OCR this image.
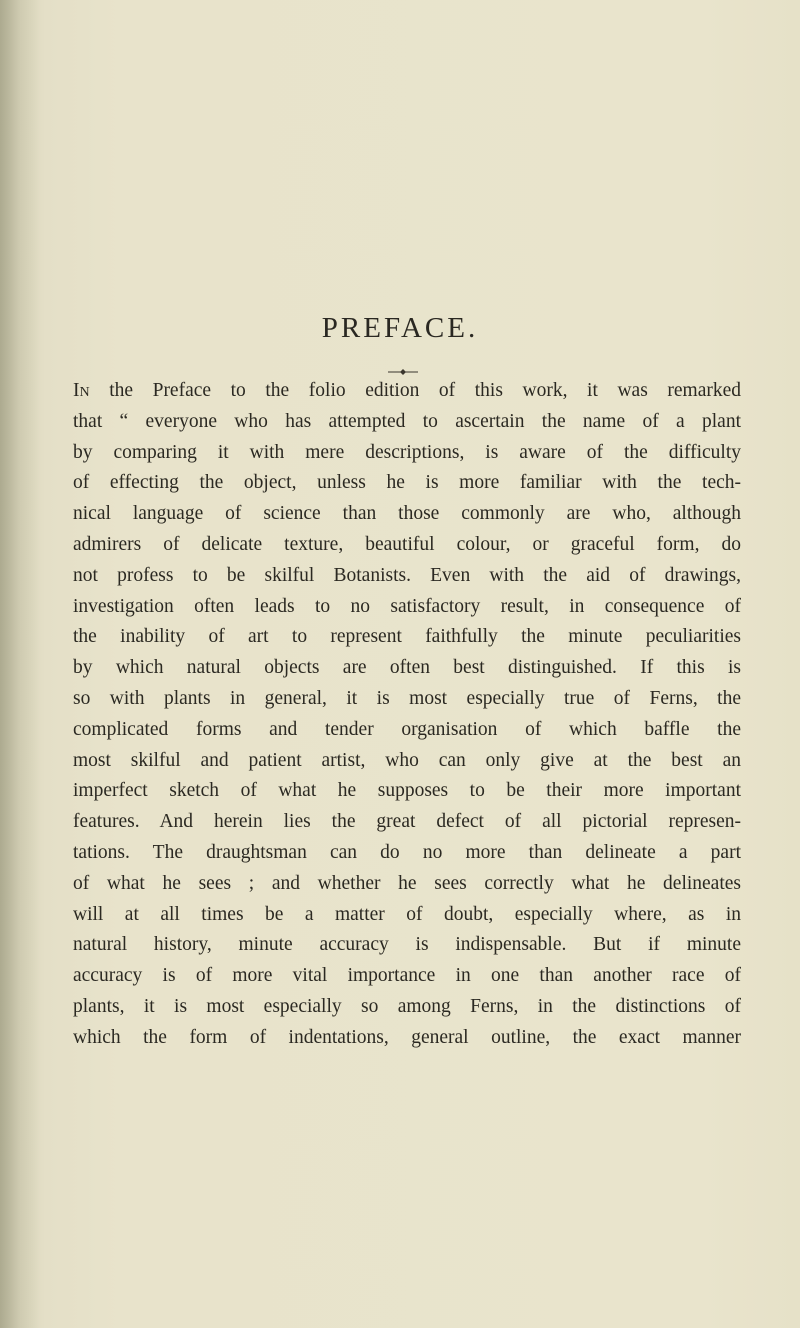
PREFACE.
In the Preface to the folio edition of this work, it was remarked
that “ everyone who has attempted to ascertain the name of a plant
by comparing it with mere descriptions, is aware of the difficulty
of effecting the object, unless he is more familiar with the tech-
nical language of science than those commonly are who, although
admirers of delicate texture, beautiful colour, or graceful form, do
not profess to be skilful Botanists. Even with the aid of drawings,
investigation often leads to no satisfactory result, in consequence of
the inability of art to represent faithfully the minute peculiarities
by which natural objects are often best distinguished. If this is
so with plants in general, it is most especially true of Ferns, the
complicated forms and tender organisation of which baffle the
most skilful and patient artist, who can only give at the best an
imperfect sketch of what he supposes to be their more important
features. And herein lies the great defect of all pictorial represen-
tations. The draughtsman can do no more than delineate a part
of what he sees ; and whether he sees correctly what he delineates
will at all times be a matter of doubt, especially where, as in
natural history, minute accuracy is indispensable. But if minute
accuracy is of more vital importance in one than another race of
plants, it is most especially so among Ferns, in the distinctions of
which the form of indentations, general outline, the exact manner
